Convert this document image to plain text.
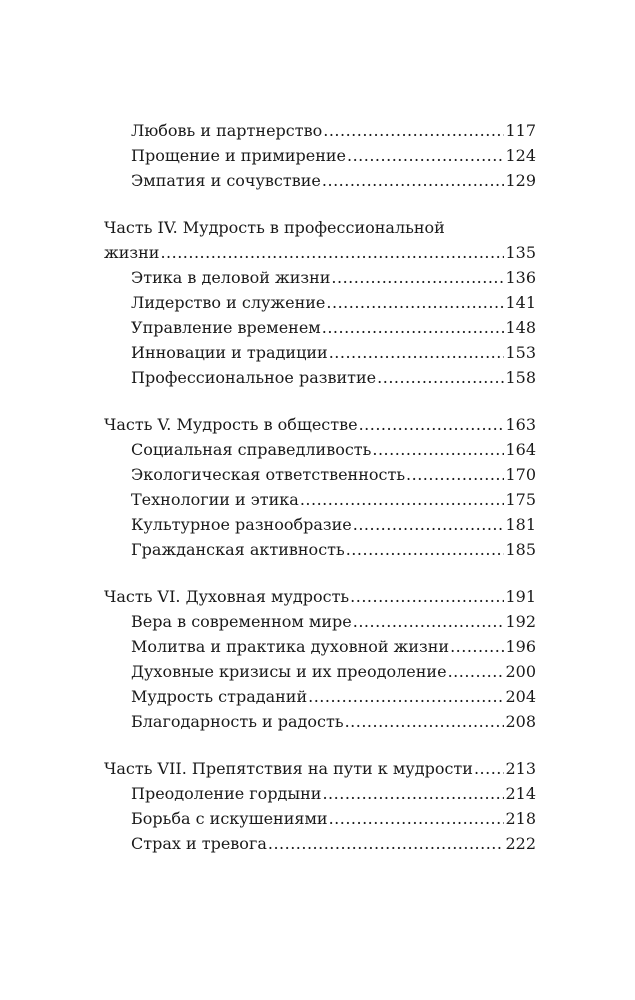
Любовь и партнерство .....	117
Прощение и примирение .....	124
Эмпатия и сочувствие .....	129
Часть IV. Мудрость в профессиональной
жизни .....	135
Этика в деловой жизни .....	136
Лидерство и служение .....	141
Управление временем .....	148
Инновации и традиции .....	153
Профессиональное развитие .....	158
Часть V. Мудрость в обществе .....	163
Социальная справедливость .....	164
Экологическая ответственность .....	170
Технологии и этика .....	175
Культурное разнообразие .....	181
Гражданская активность .....	185
Часть VI. Духовная мудрость .....	191
Вера в современном мире .....	192
Молитва и практика духовной жизни .....	196
Духовные кризисы и их преодоление .....	200
Мудрость страданий .....	204
Благодарность и радость .....	208
Часть VII. Препятствия на пути к мудрости ..... 213
Преодоление гордыни .....	214
Борьба с искушениями .....	218
Страх и тревога .....	222
